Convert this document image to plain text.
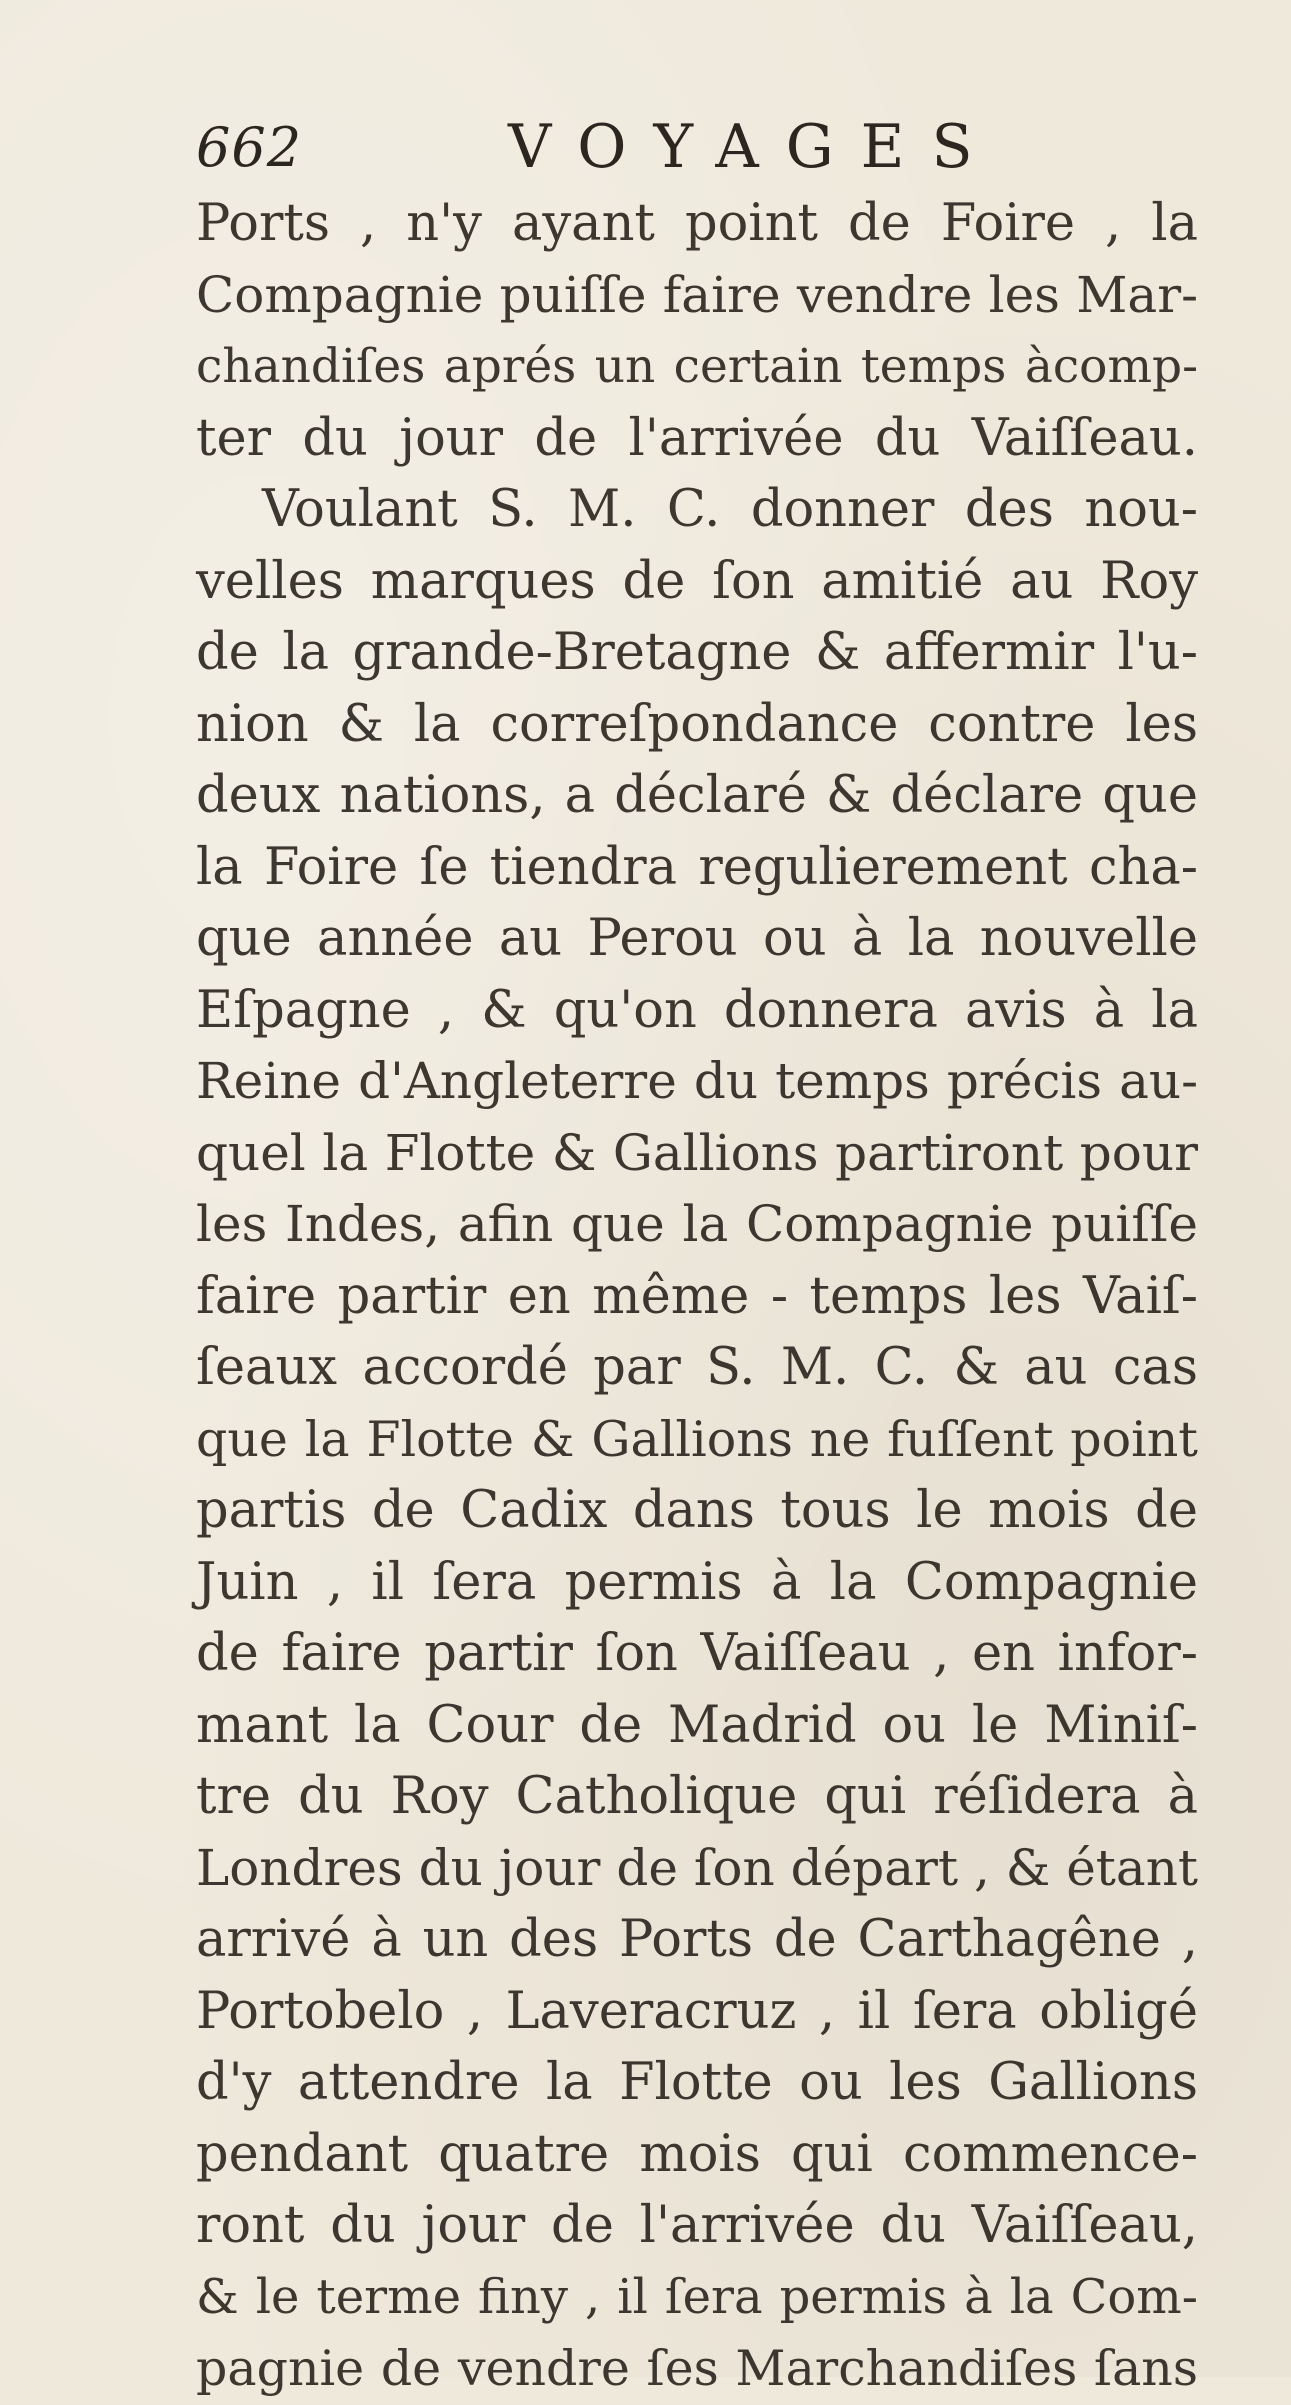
662	VOYAGES
Ports , n'y ayant point de Foire , la
Compagnie puiſſe faire vendre les Mar-
chandiſes aprés un certain temps àcomp-
ter du jour de l'arrivée du Vaiſſeau.
Voulant S. M. C. donner des nou-
velles marques de ſon amitié au Roy
de la grande-Bretagne & affermir l'u-
nion & la correſpondance contre les
deux nations, a déclaré & déclare que
la Foire ſe tiendra regulierement cha-
que année au Perou ou à la nouvelle
Eſpagne , & qu'on donnera avis à la
Reine d'Angleterre du temps précis au-
quel la Flotte & Gallions partiront pour
les Indes, afin que la Compagnie puiſſe
faire partir en même - temps les Vaiſ-
ſeaux accordé par S. M. C. & au cas
que la Flotte & Gallions ne fuſſent point
partis de Cadix dans tous le mois de
Juin , il ſera permis à la Compagnie
de faire partir ſon Vaiſſeau , en infor-
mant la Cour de Madrid ou le Miniſ-
tre du Roy Catholique qui réſidera à
Londres du jour de ſon départ , & étant
arrivé à un des Ports de Carthagêne ,
Portobelo , Laveracruz , il ſera obligé
d'y attendre la Flotte ou les Gallions
pendant quatre mois qui commence-
ront du jour de l'arrivée du Vaiſſeau,
& le terme finy , il ſera permis à la Com-
pagnie de vendre ſes Marchandiſes ſans
